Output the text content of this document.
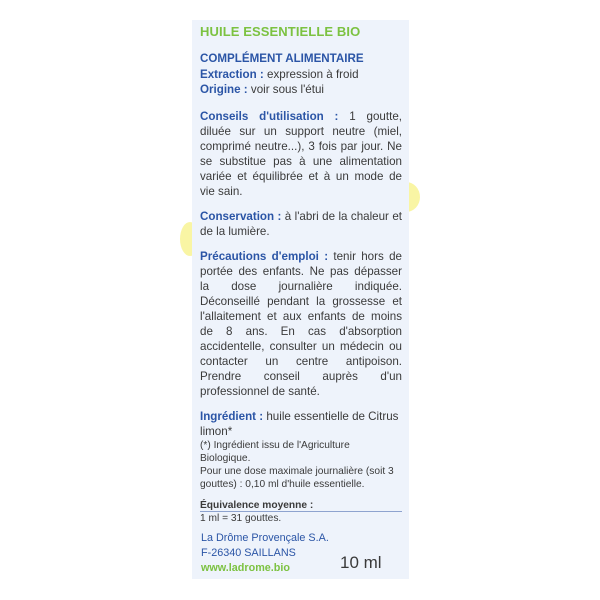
HUILE ESSENTIELLE BIO

COMPLÉMENT ALIMENTAIRE

Extraction : expression à froid

Origine : voir sous l'étui

Conseils d'utilisation : 1 goutte, diluée sur un support neutre (miel, comprimé neutre...), 3 fois par jour. Ne se substitue pas à une alimentation variée et équilibrée et à un mode de vie sain.

Conservation : à l'abri de la chaleur et de la lumière.

Précautions d'emploi : tenir hors de portée des enfants. Ne pas dépasser la dose journalière indiquée. Déconseillé pendant la grossesse et l'allaitement et aux enfants de moins de 8 ans. En cas d'absorption accidentelle, consulter un médecin ou contacter un centre antipoison. Prendre conseil auprès d'un professionnel de santé.

Ingrédient : huile essentielle de Citrus limon*

(*) Ingrédient issu de l'Agriculture Biologique.

Pour une dose maximale journalière (soit 3 gouttes) : 0,10 ml d'huile essentielle.

Équivalence moyenne :

1 ml = 31 gouttes.

La Drôme Provençale S.A.
F-26340 SAILLANS
www.ladrome.bio	10 ml
